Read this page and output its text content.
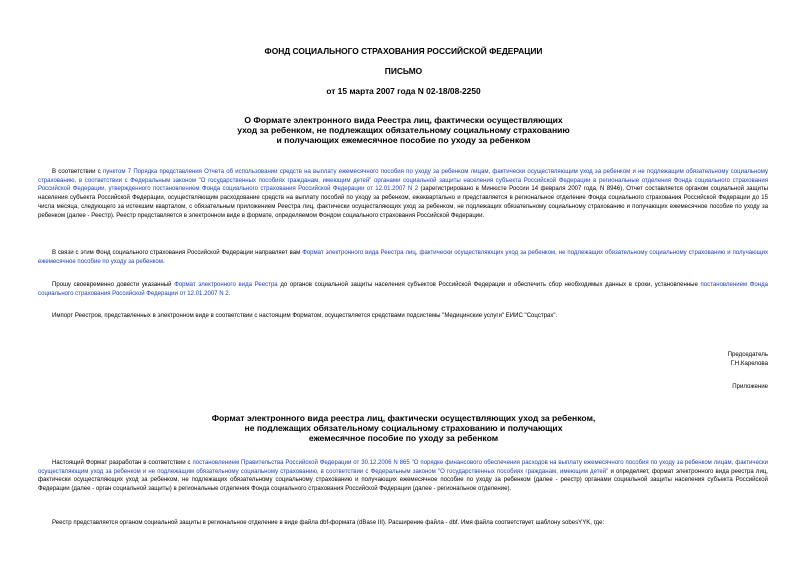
ФОНД СОЦИАЛЬНОГО СТРАХОВАНИЯ РОССИЙСКОЙ ФЕДЕРАЦИИ
ПИСЬМО
от 15 марта 2007 года N 02-18/08-2250
О Формате электронного вида Реестра лиц, фактически осуществляющих
уход за ребенком, не подлежащих обязательному социальному страхованию
и получающих ежемесячное пособие по уходу за ребенком
В соответствии с пунктом 7 Порядка представления Отчета об использовании средств на выплату ежемесячного пособия по уходу за ребенком лицам, фактически осуществляющим уход за ребенком и не подлежащим обязательному социальному страхованию, в соответствии с Федеральным законом "О государственных пособиях гражданам, имеющим детей" органами социальной защиты населения субъекта Российской Федерации в региональные отделения Фонда социального страхования Российской Федерации, утвержденного постановлением Фонда социального страхования Российской Федерации от 12.01.2007 N 2 (зарегистрировано в Минюсте России 14 февраля 2007 года, N 8946), Отчет составляется органом социальной защиты населения субъекта Российской Федерации, осуществляющим расходование средств на выплату пособий по уходу за ребенком, ежеквартально и представляется в региональное отделение Фонда социального страхования Российской Федерации до 15 числа месяца, следующего за истекшим кварталом, с обязательным приложением Реестра лиц, фактически осуществляющих уход за ребенком, не подлежащих обязательному социальному страхованию и получающих ежемесячное пособие по уходу за ребенком (далее - Реестр). Реестр представляется в электронном виде в формате, определяемом Фондом социального страхования Российской Федерации.
В связи с этим Фонд социального страхования Российской Федерации направляет вам Формат электронного вида Реестра лиц, фактически осуществляющих уход за ребенком, не подлежащих обязательному социальному страхованию и получающих ежемесячное пособие по уходу за ребенком.
Прошу своевременно довести указанный Формат электронного вида Реестра до органов социальной защиты населения субъектов Российской Федерации и обеспечить сбор необходимых данных в сроки, установленные постановлением Фонда социального страхования Российской Федерации от 12.01.2007 N 2.
Импорт Реестров, представленных в электронном виде в соответствии с настоящим Форматом, осуществляется средствами подсистемы "Медицинские услуги" ЕИИС "Соцстрах".
Председатель
Г.Н.Карелова
Приложение
Формат электронного вида реестра лиц, фактически осуществляющих уход за ребенком,
не подлежащих обязательному социальному страхованию и получающих
ежемесячное пособие по уходу за ребенком
Настоящий Формат разработан в соответствии с постановлением Правительства Российской Федерации от 30.12.2006 N 865 "О порядке финансового обеспечения расходов на выплату ежемесячного пособия по уходу за ребенком лицам, фактически осуществляющим уход за ребенком и не подлежащим обязательному социальному страхованию, в соответствии с Федеральным законом "О государственных пособиях гражданам, имеющим детей" и определяет, формат электронного вида реестра лиц, фактически осуществляющих уход за ребенком, не подлежащих обязательному социальному страхованию и получающих ежемесячное пособие по уходу за ребенком (далее - реестр) органами социальной защиты населения субъекта Российской Федерации (далее - орган социальной защиты) в региональные отделения Фонда социального страхования Российской Федерации (далее - региональное отделение).
Реестр представляется органом социальной защиты в региональное отделение в виде файла dbf-формата (dBase III). Расширение файла - dbf. Имя файла соответствует шаблону sobesYYK, где:
